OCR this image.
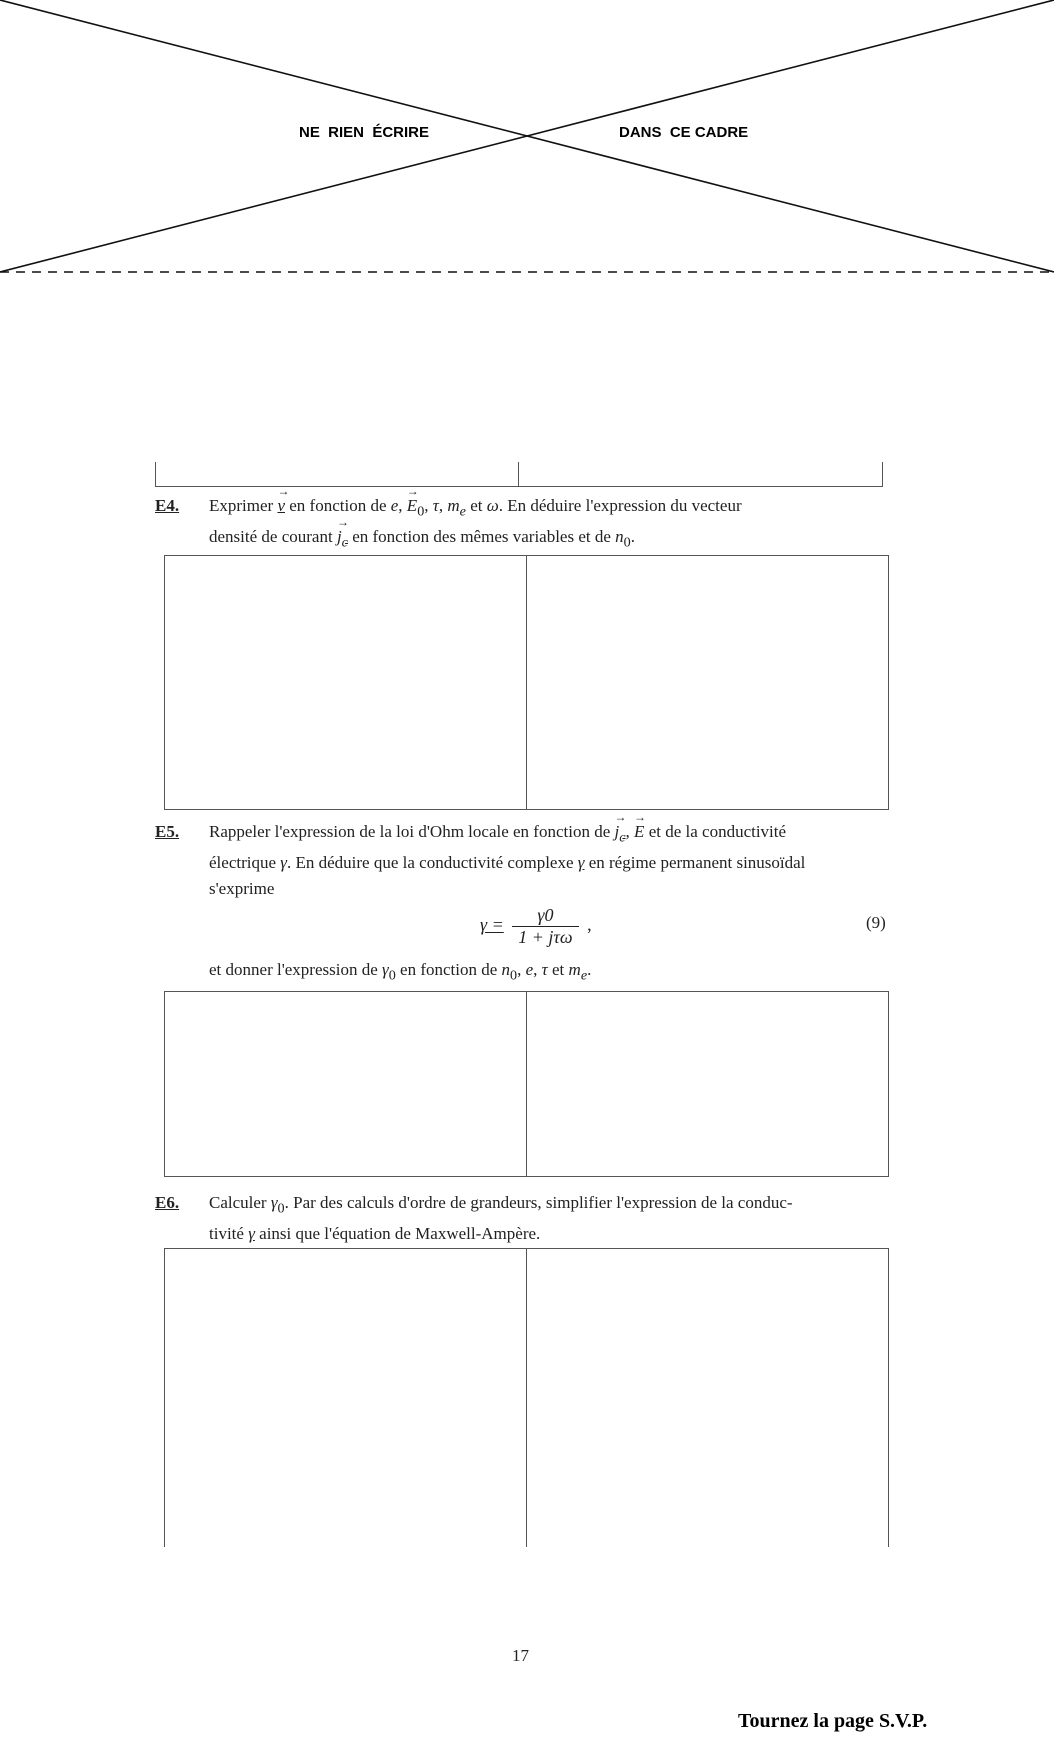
NE  RIEN  ÉCRIRE	DANS  CE CADRE
E4. Exprimer → v en fonction de e, → $E_0$, τ, $m_e$ et ω. En déduire l'expression du vecteur
densité de courant → $j_c$ en fonction des mêmes variables et de $n_0$.
E5. Rappeler l'expression de la loi d'Ohm locale en fonction de → $j_c$, → E et de la conductivité
électrique γ. En déduire que la conductivité complexe γ en régime permanent sinusoïdal
s'exprime
$\gamma = \frac{\gamma 0}{\text{1 + jτω}}$ ,	(9)
et donner l'expression de $\gamma_0$ en fonction de $n_0$, e, τ et $m_e$.
E6. Calculer $\gamma_0$. Par des calculs d'ordre de grandeurs, simplifier l'expression de la conduc-
tivité γ ainsi que l'équation de Maxwell-Ampère.
17
Tournez la page S.V.P.
